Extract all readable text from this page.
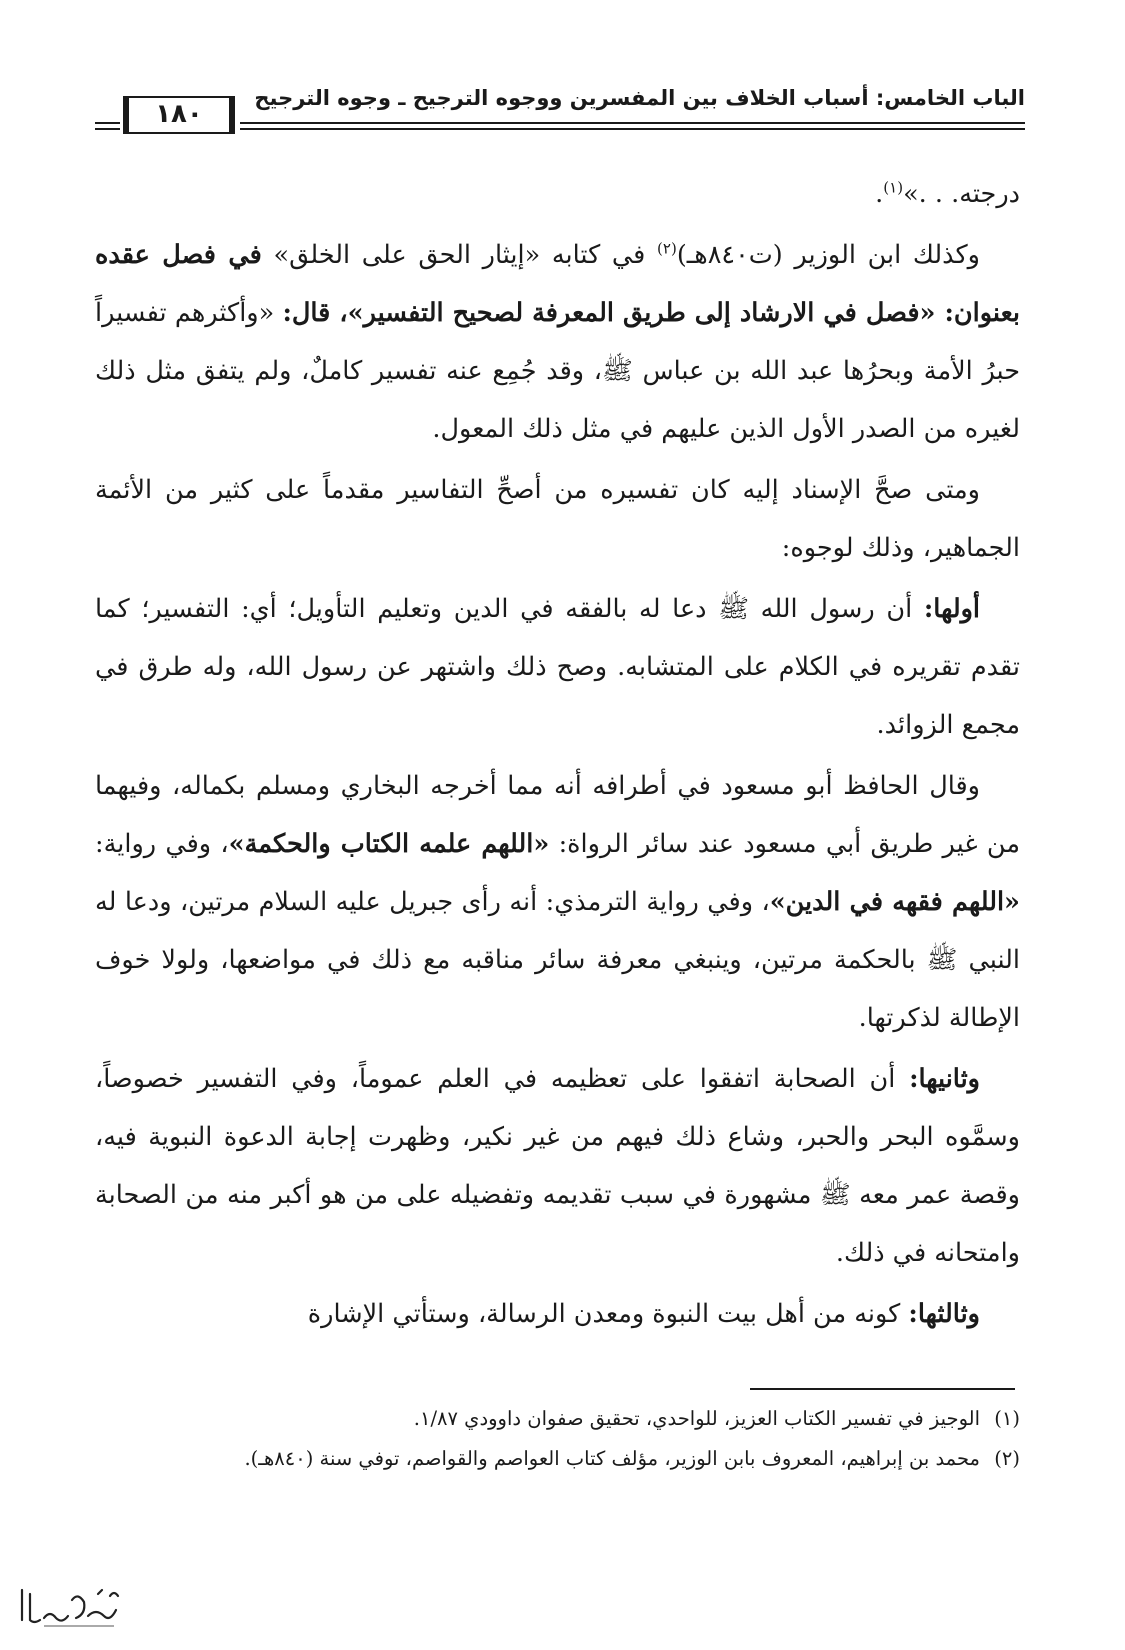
الباب الخامس: أسباب الخلاف بين المفسرين ووجوه الترجيح ـ وجوه الترجيح
١٨٠

درجته. . .»$^{(١)}$.

وكذلك ابن الوزير (ت٨٤٠هـ)$^{(٢)}$ في كتابه «إيثار الحق على الخلق» في فصل عقده بعنوان: «فصل في الارشاد إلى طريق المعرفة لصحيح التفسير»، قال: «وأكثرهم تفسيراً حبرُ الأمة وبحرُها عبد الله بن عباس ﷺ، وقد جُمِع عنه تفسير كاملٌ، ولم يتفق مثل ذلك لغيره من الصدر الأول الذين عليهم في مثل ذلك المعول.

ومتى صحَّ الإسناد إليه كان تفسيره من أصحِّ التفاسير مقدماً على كثير من الأئمة الجماهير، وذلك لوجوه:

أولها: أن رسول الله ﷺ دعا له بالفقه في الدين وتعليم التأويل؛ أي: التفسير؛ كما تقدم تقريره في الكلام على المتشابه. وصح ذلك واشتهر عن رسول الله، وله طرق في مجمع الزوائد.

وقال الحافظ أبو مسعود في أطرافه أنه مما أخرجه البخاري ومسلم بكماله، وفيهما من غير طريق أبي مسعود عند سائر الرواة: «اللهم علمه الكتاب والحكمة»، وفي رواية: «اللهم فقهه في الدين»، وفي رواية الترمذي: أنه رأى جبريل عليه السلام مرتين، ودعا له النبي ﷺ بالحكمة مرتين، وينبغي معرفة سائر مناقبه مع ذلك في مواضعها، ولولا خوف الإطالة لذكرتها.

وثانيها: أن الصحابة اتفقوا على تعظيمه في العلم عموماً، وفي التفسير خصوصاً، وسمَّوه البحر والحبر، وشاع ذلك فيهم من غير نكير، وظهرت إجابة الدعوة النبوية فيه، وقصة عمر معه ﷺ مشهورة في سبب تقديمه وتفضيله على من هو أكبر منه من الصحابة وامتحانه في ذلك.

وثالثها: كونه من أهل بيت النبوة ومعدن الرسالة، وستأتي الإشارة

(١)
الوجيز في تفسير الكتاب العزيز، للواحدي، تحقيق صفوان داوودي ١/٨٧.
(٢)
محمد بن إبراهيم، المعروف بابن الوزير، مؤلف كتاب العواصم والقواصم، توفي سنة (٨٤٠هـ).
